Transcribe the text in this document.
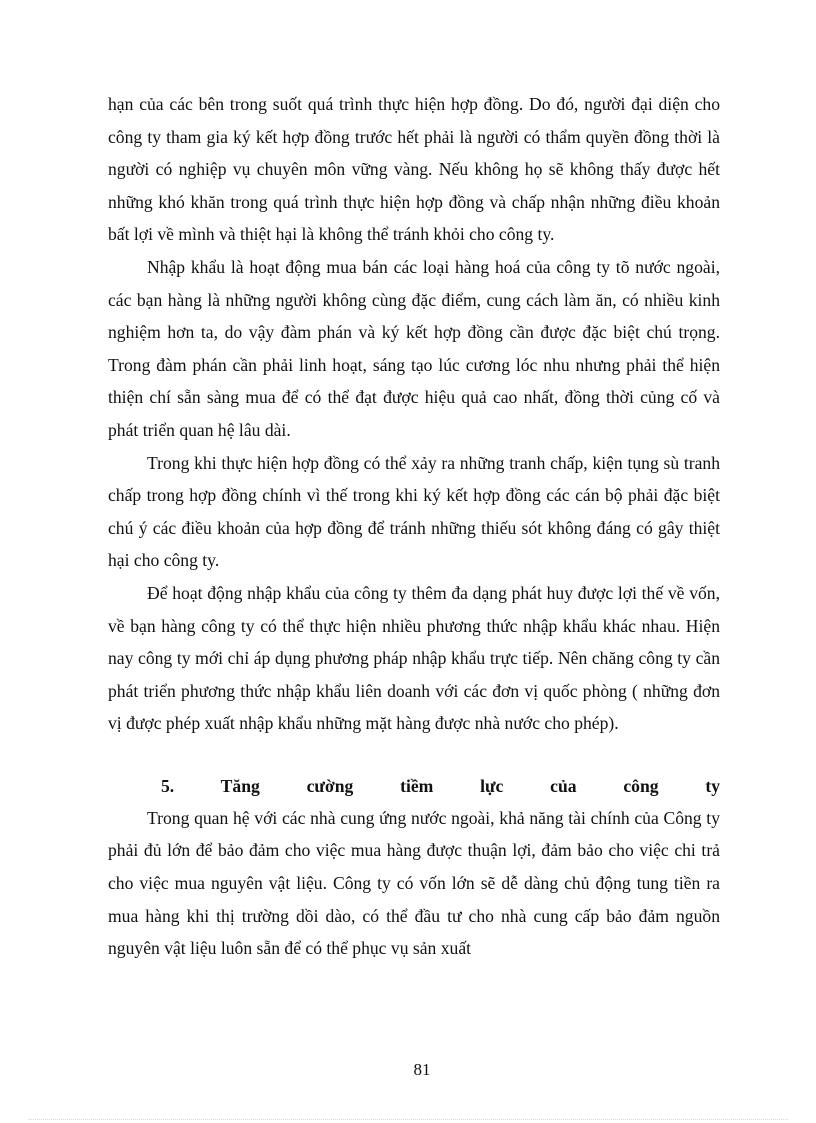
hạn của các bên trong suốt quá trình thực hiện hợp đồng. Do đó, người đại diện cho công ty tham gia ký kết hợp đồng trước hết phải là người có thẩm quyền đồng thời là người có nghiệp vụ chuyên môn vững vàng. Nếu không họ sẽ không thấy được hết những khó khăn trong quá trình thực hiện hợp đồng và chấp nhận những điều khoản bất lợi về mình và thiệt hại là không thể tránh khỏi cho công ty.

Nhập khẩu là hoạt động mua bán các loại hàng hoá của công ty tõ nước ngoài, các bạn hàng là những người không cùng đặc điểm, cung cách làm ăn, có nhiều kinh nghiệm hơn ta, do vậy đàm phán và ký kết hợp đồng cần được đặc biệt chú trọng. Trong đàm phán cần phải linh hoạt, sáng tạo lúc cương lóc nhu nhưng phải thể hiện thiện chí sẵn sàng mua để có thể đạt được hiệu quả cao nhất, đồng thời củng cố và phát triển quan hệ lâu dài.

Trong khi thực hiện hợp đồng có thể xảy ra những tranh chấp, kiện tụng sù tranh chấp trong hợp đồng chính vì thế trong khi ký kết hợp đồng các cán bộ phải đặc biệt chú ý các điều khoản của hợp đồng để tránh những thiếu sót không đáng có gây thiệt hại cho công ty.

Để hoạt động nhập khẩu của công ty thêm đa dạng phát huy được lợi thế về vốn, về bạn hàng công ty có thể thực hiện nhiều phương thức nhập khẩu khác nhau. Hiện nay công ty mới chỉ áp dụng phương pháp nhập khẩu trực tiếp. Nên chăng công ty cần phát triển phương thức nhập khẩu liên doanh với các đơn vị quốc phòng ( những đơn vị được phép xuất nhập khẩu những mặt hàng được nhà nước cho phép).

5. Tăng cường tiềm lực của công ty

Trong quan hệ với các nhà cung ứng nước ngoài, khả năng tài chính của Công ty phải đủ lớn để bảo đảm cho việc mua hàng được thuận lợi, đảm bảo cho việc chi trả cho việc mua nguyên vật liệu. Công ty có vốn lớn sẽ dễ dàng chủ động tung tiền ra mua hàng khi thị trường dồi dào, có thể đầu tư cho nhà cung cấp bảo đảm nguồn nguyên vật liệu luôn sẵn để có thể phục vụ sản xuất

81
